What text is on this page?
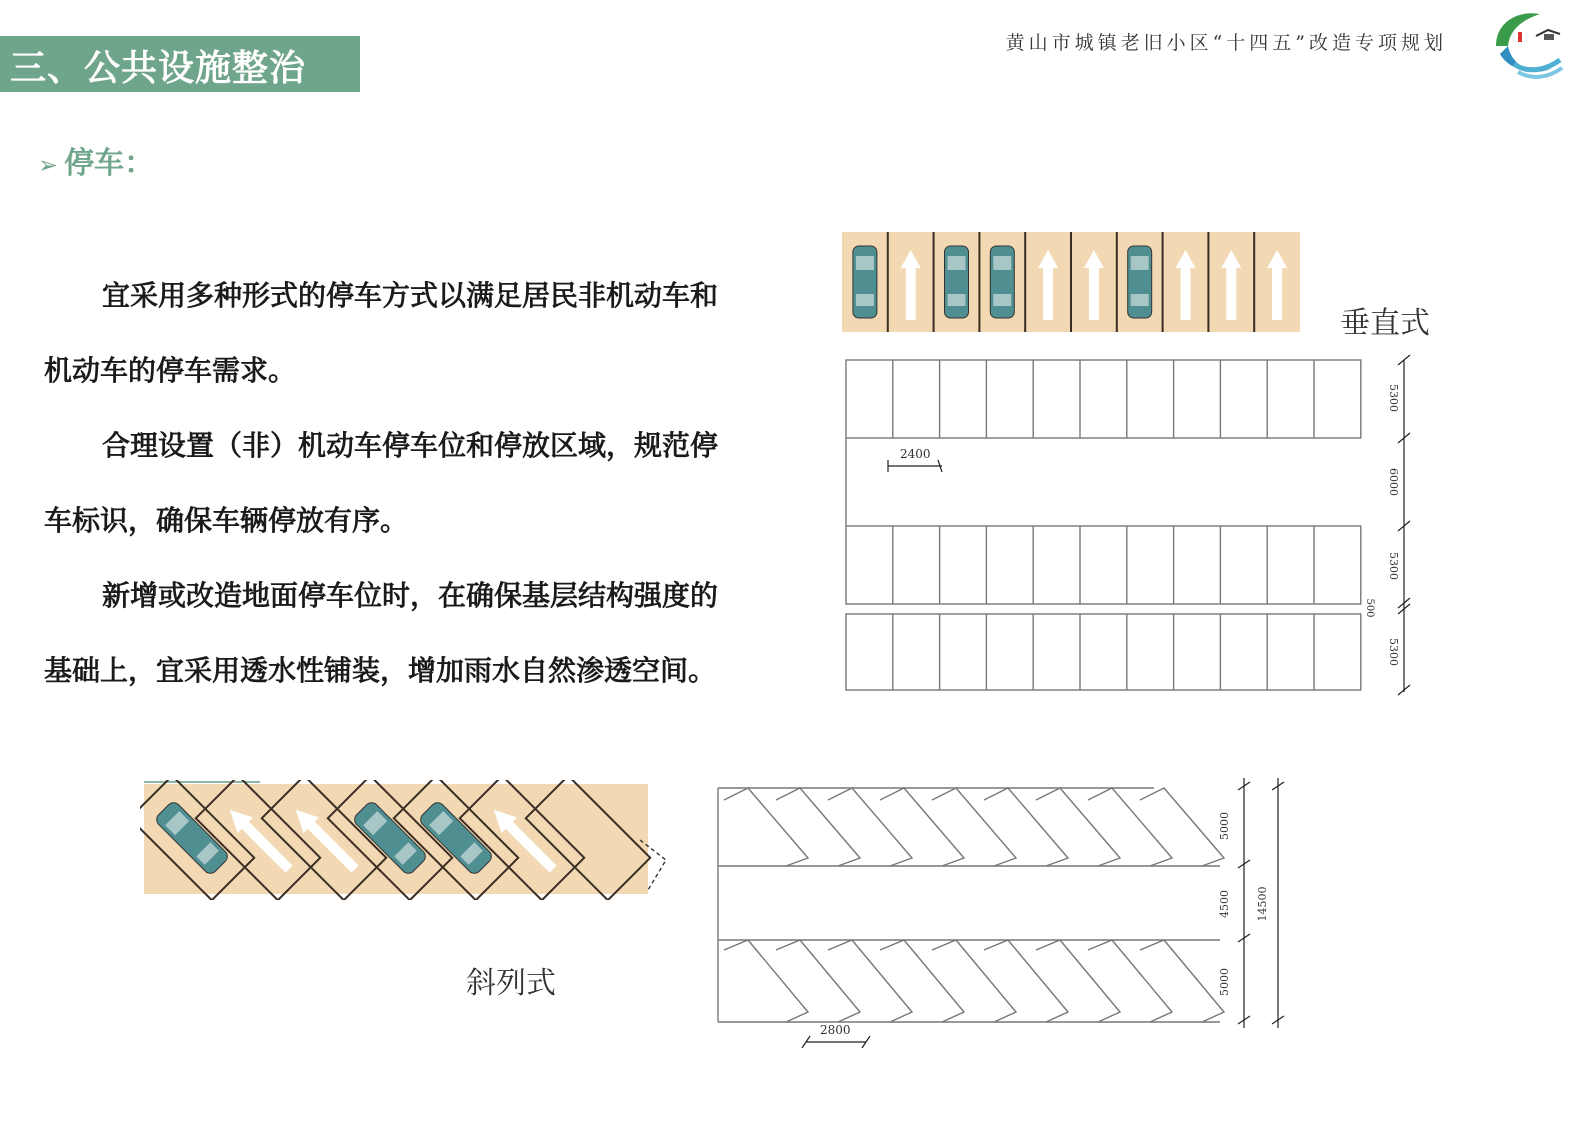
三、公共设施整治
黄山市城镇老旧小区“十四五”改造专项规划
➢ 停车：

宜采用多种形式的停车方式以满足居民非机动车和机动车的停车需求。

合理设置（非）机动车停车位和停放区域，规范停车标识，确保车辆停放有序。

新增或改造地面停车位时，在确保基层结构强度的基础上，宜采用透水性铺装，增加雨水自然渗透空间。

垂直式
2400
5300
6000
5300
500
5300
斜列式
2800
5000
4500
5000
14500
